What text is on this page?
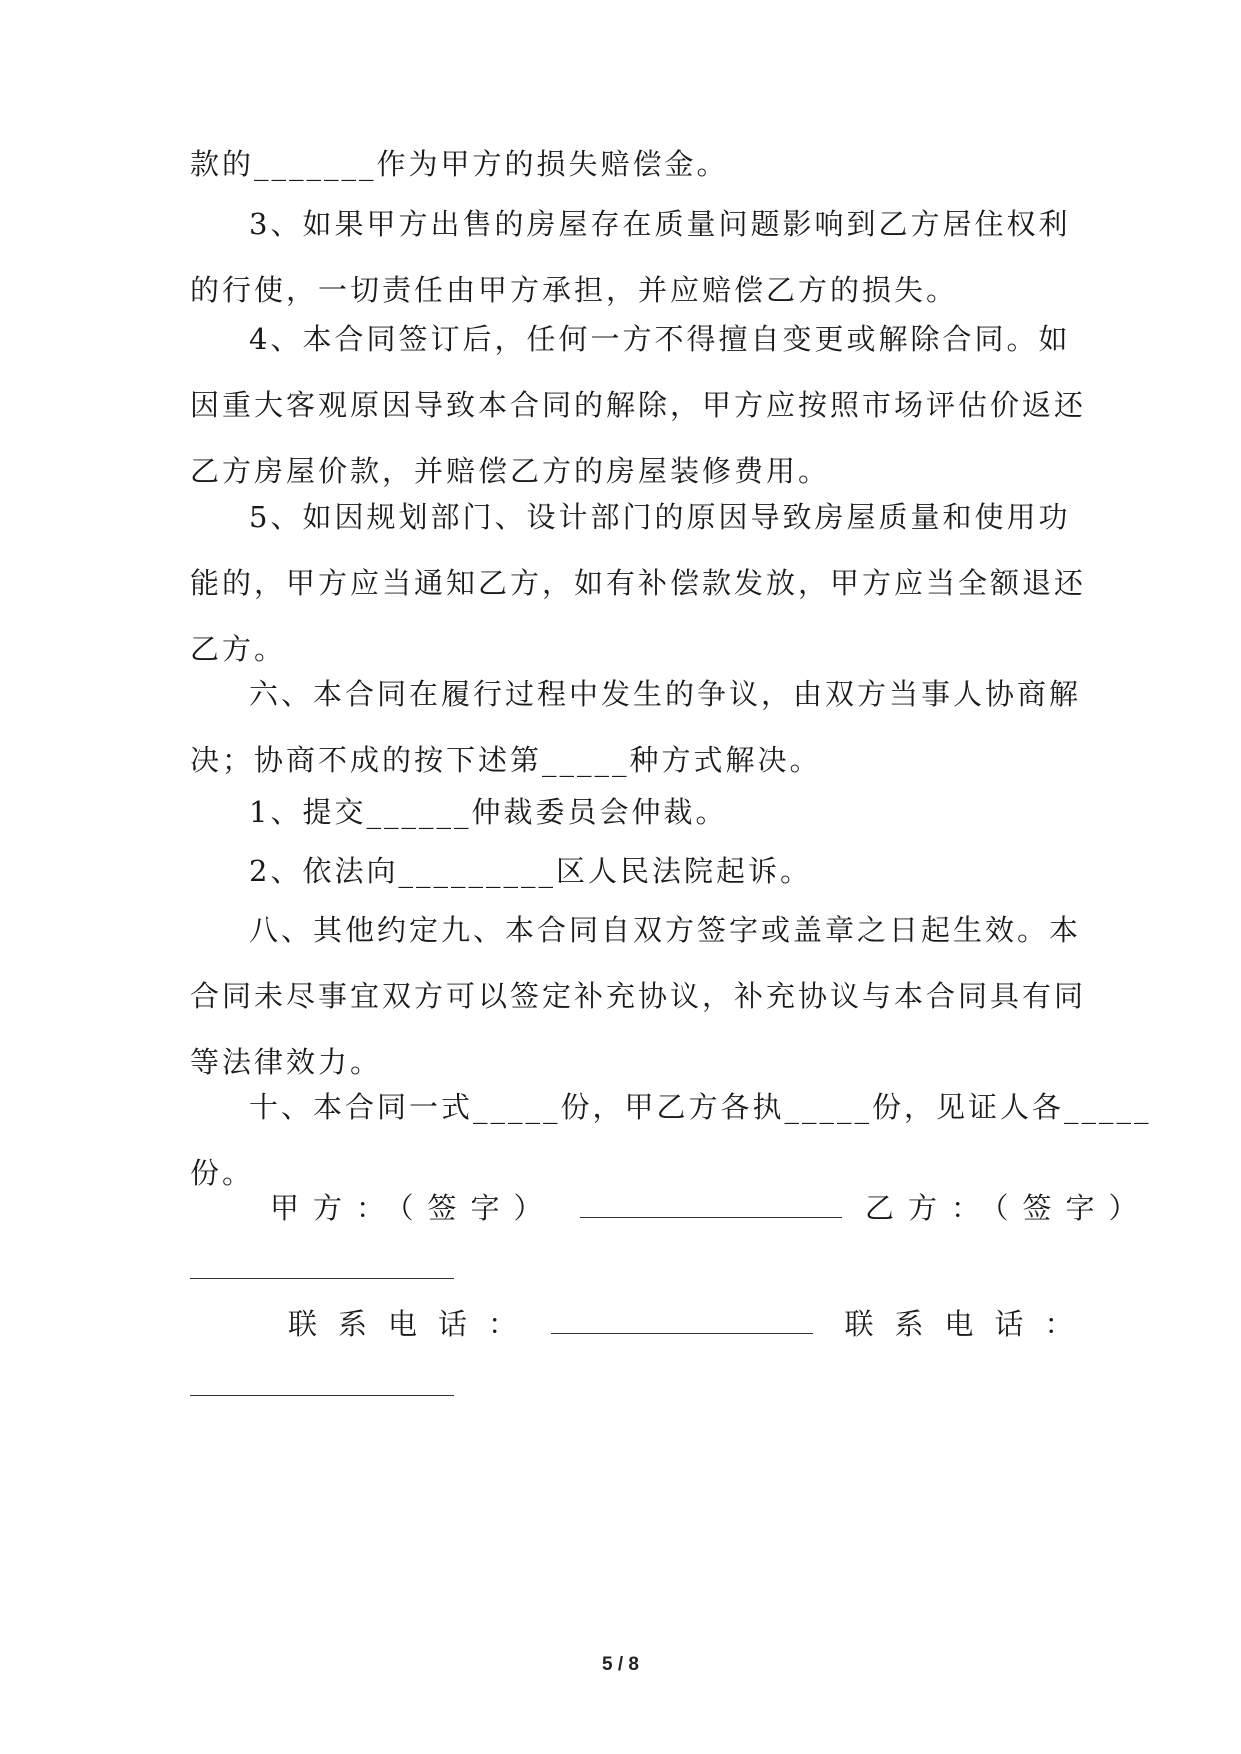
款的_______作为甲方的损失赔偿金。
3、如果甲方出售的房屋存在质量问题影响到乙方居住权利
的行使，一切责任由甲方承担，并应赔偿乙方的损失。
4、本合同签订后，任何一方不得擅自变更或解除合同。如
因重大客观原因导致本合同的解除，甲方应按照市场评估价返还
乙方房屋价款，并赔偿乙方的房屋装修费用。
5、如因规划部门、设计部门的原因导致房屋质量和使用功
能的，甲方应当通知乙方，如有补偿款发放，甲方应当全额退还
乙方。
六、本合同在履行过程中发生的争议，由双方当事人协商解
决；协商不成的按下述第_____种方式解决。
1、提交______仲裁委员会仲裁。
2、依法向_________区人民法院起诉。
八、其他约定九、本合同自双方签字或盖章之日起生效。本
合同未尽事宜双方可以签定补充协议，补充协议与本合同具有同
等法律效力。
十、本合同一式_____份，甲乙方各执_____份，见证人各_____
份。
甲方：（签字）	乙方：（签字）
联系电话：	联系电话：
5 / 8
